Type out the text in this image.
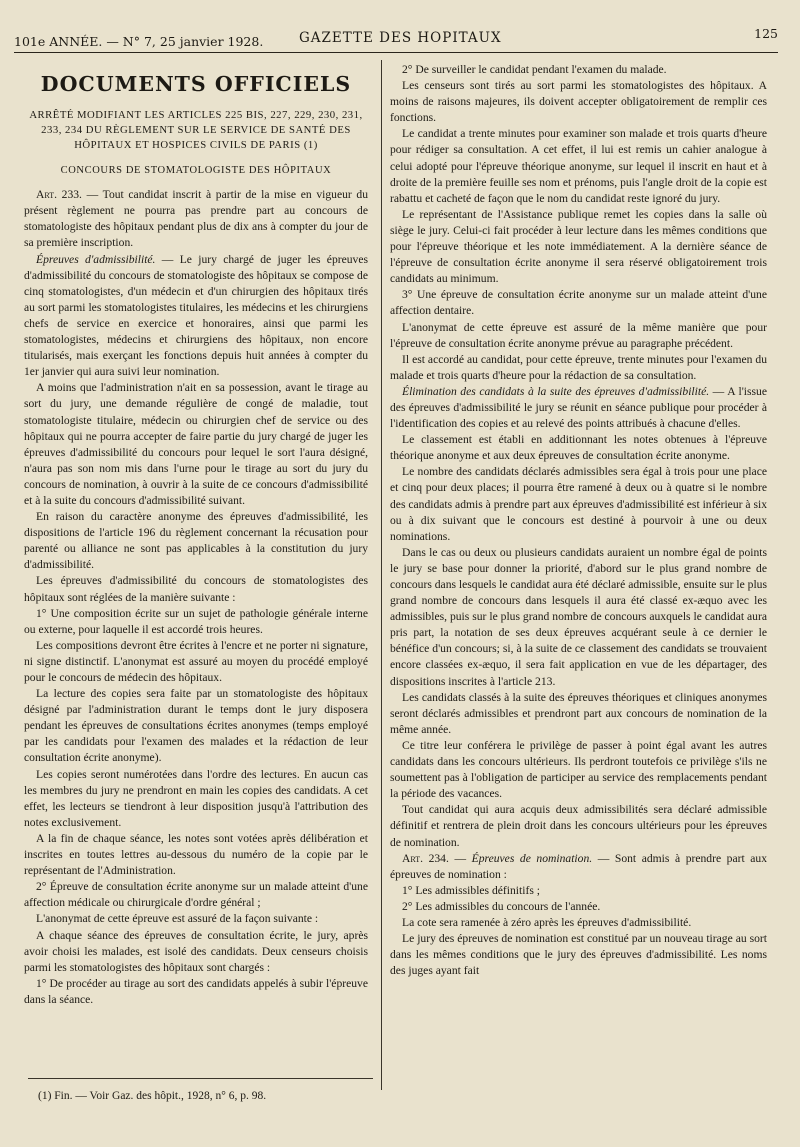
101e ANNÉE. — N° 7, 25 janvier 1928.	GAZETTE DES HOPITAUX	125
DOCUMENTS OFFICIELS
ARRÊTÉ MODIFIANT LES ARTICLES 225 BIS, 227, 229, 230, 231, 233, 234 DU RÈGLEMENT SUR LE SERVICE DE SANTÉ DES HÔPITAUX ET HOSPICES CIVILS DE PARIS (1)
CONCOURS DE STOMATOLOGISTE DES HÔPITAUX

Art. 233. — Tout candidat inscrit à partir de la mise en vigueur du présent règlement ne pourra pas prendre part au concours de stomatologiste des hôpitaux pendant plus de dix ans à compter du jour de sa première inscription.

Épreuves d'admissibilité. — Le jury chargé de juger les épreuves d'admissibilité du concours de stomatologiste des hôpitaux se compose de cinq stomatologistes, d'un médecin et d'un chirurgien des hôpitaux tirés au sort parmi les stomatologistes titulaires, les médecins et les chirurgiens chefs de service en exercice et honoraires, ainsi que parmi les stomatologistes, médecins et chirurgiens des hôpitaux, non encore titularisés, mais exerçant les fonctions depuis huit années à compter du 1er janvier qui aura suivi leur nomination.

A moins que l'administration n'ait en sa possession, avant le tirage au sort du jury, une demande régulière de congé de maladie, tout stomatologiste titulaire, médecin ou chirurgien chef de service ou des hôpitaux qui ne pourra accepter de faire partie du jury chargé de juger les épreuves d'admissibilité du concours pour lequel le sort l'aura désigné, n'aura pas son nom mis dans l'urne pour le tirage au sort du jury du concours de nomination, à ouvrir à la suite de ce concours d'admissibilité et à la suite du concours d'admissibilité suivant.

En raison du caractère anonyme des épreuves d'admissibilité, les dispositions de l'article 196 du règlement concernant la récusation pour parenté ou alliance ne sont pas applicables à la constitution du jury d'admissibilité.

Les épreuves d'admissibilité du concours de stomatologistes des hôpitaux sont réglées de la manière suivante :

1° Une composition écrite sur un sujet de pathologie générale interne ou externe, pour laquelle il est accordé trois heures.

Les compositions devront être écrites à l'encre et ne porter ni signature, ni signe distinctif. L'anonymat est assuré au moyen du procédé employé pour le concours de médecin des hôpitaux.

La lecture des copies sera faite par un stomatologiste des hôpitaux désigné par l'administration durant le temps dont le jury disposera pendant les épreuves de consultations écrites anonymes (temps employé par les candidats pour l'examen des malades et la rédaction de leur consultation écrite anonyme).

Les copies seront numérotées dans l'ordre des lectures. En aucun cas les membres du jury ne prendront en main les copies des candidats. A cet effet, les lecteurs se tiendront à leur disposition jusqu'à l'attribution des notes exclusivement.

A la fin de chaque séance, les notes sont votées après délibération et inscrites en toutes lettres au-dessous du numéro de la copie par le représentant de l'Administration.

2° Épreuve de consultation écrite anonyme sur un malade atteint d'une affection médicale ou chirurgicale d'ordre général ;

L'anonymat de cette épreuve est assuré de la façon suivante :

A chaque séance des épreuves de consultation écrite, le jury, après avoir choisi les malades, est isolé des candidats. Deux censeurs choisis parmi les stomatologistes des hôpitaux sont chargés :

1° De procéder au tirage au sort des candidats appelés à subir l'épreuve dans la séance.

(1) Fin. — Voir Gaz. des hôpit., 1928, n° 6, p. 98.

2° De surveiller le candidat pendant l'examen du malade.

Les censeurs sont tirés au sort parmi les stomatologistes des hôpitaux. A moins de raisons majeures, ils doivent accepter obligatoirement de remplir ces fonctions.

Le candidat a trente minutes pour examiner son malade et trois quarts d'heure pour rédiger sa consultation. A cet effet, il lui est remis un cahier analogue à celui adopté pour l'épreuve théorique anonyme, sur lequel il inscrit en haut et à droite de la première feuille ses nom et prénoms, puis l'angle droit de la copie est rabattu et cacheté de façon que le nom du candidat reste ignoré du jury.

Le représentant de l'Assistance publique remet les copies dans la salle où siège le jury. Celui-ci fait procéder à leur lecture dans les mêmes conditions que pour l'épreuve théorique et les note immédiatement. A la dernière séance de l'épreuve de consultation écrite anonyme il sera réservé obligatoirement trois candidats au minimum.

3° Une épreuve de consultation écrite anonyme sur un malade atteint d'une affection dentaire.

L'anonymat de cette épreuve est assuré de la même manière que pour l'épreuve de consultation écrite anonyme prévue au paragraphe précédent.

Il est accordé au candidat, pour cette épreuve, trente minutes pour l'examen du malade et trois quarts d'heure pour la rédaction de sa consultation.

Élimination des candidats à la suite des épreuves d'admissibilité. — A l'issue des épreuves d'admissibilité le jury se réunit en séance publique pour procéder à l'identification des copies et au relevé des points attribués à chacune d'elles.

Le classement est établi en additionnant les notes obtenues à l'épreuve théorique anonyme et aux deux épreuves de consultation écrite anonyme.

Le nombre des candidats déclarés admissibles sera égal à trois pour une place et cinq pour deux places; il pourra être ramené à deux ou à quatre si le nombre des candidats admis à prendre part aux épreuves d'admissibilité est inférieur à six ou à dix suivant que le concours est destiné à pourvoir à une ou deux nominations.

Dans le cas ou deux ou plusieurs candidats auraient un nombre égal de points le jury se base pour donner la priorité, d'abord sur le plus grand nombre de concours dans lesquels le candidat aura été déclaré admissible, ensuite sur le plus grand nombre de concours dans lesquels il aura été classé ex-æquo avec les admissibles, puis sur le plus grand nombre de concours auxquels le candidat aura pris part, la notation de ses deux épreuves acquérant seule à ce dernier le bénéfice d'un concours; si, à la suite de ce classement des candidats se trouvaient encore classées ex-æquo, il sera fait application en vue de les départager, des dispositions inscrites à l'article 213.

Les candidats classés à la suite des épreuves théoriques et cliniques anonymes seront déclarés admissibles et prendront part aux concours de nomination de la même année.

Ce titre leur conférera le privilège de passer à point égal avant les autres candidats dans les concours ultérieurs. Ils perdront toutefois ce privilège s'ils ne soumettent pas à l'obligation de participer au service des remplacements pendant la période des vacances.

Tout candidat qui aura acquis deux admissibilités sera déclaré admissible définitif et rentrera de plein droit dans les concours ultérieurs pour les épreuves de nomination.

Art. 234. — Épreuves de nomination. — Sont admis à prendre part aux épreuves de nomination :

1° Les admissibles définitifs ;

2° Les admissibles du concours de l'année.

La cote sera ramenée à zéro après les épreuves d'admissibilité.

Le jury des épreuves de nomination est constitué par un nouveau tirage au sort dans les mêmes conditions que le jury des épreuves d'admissibilité. Les noms des juges ayant fait
